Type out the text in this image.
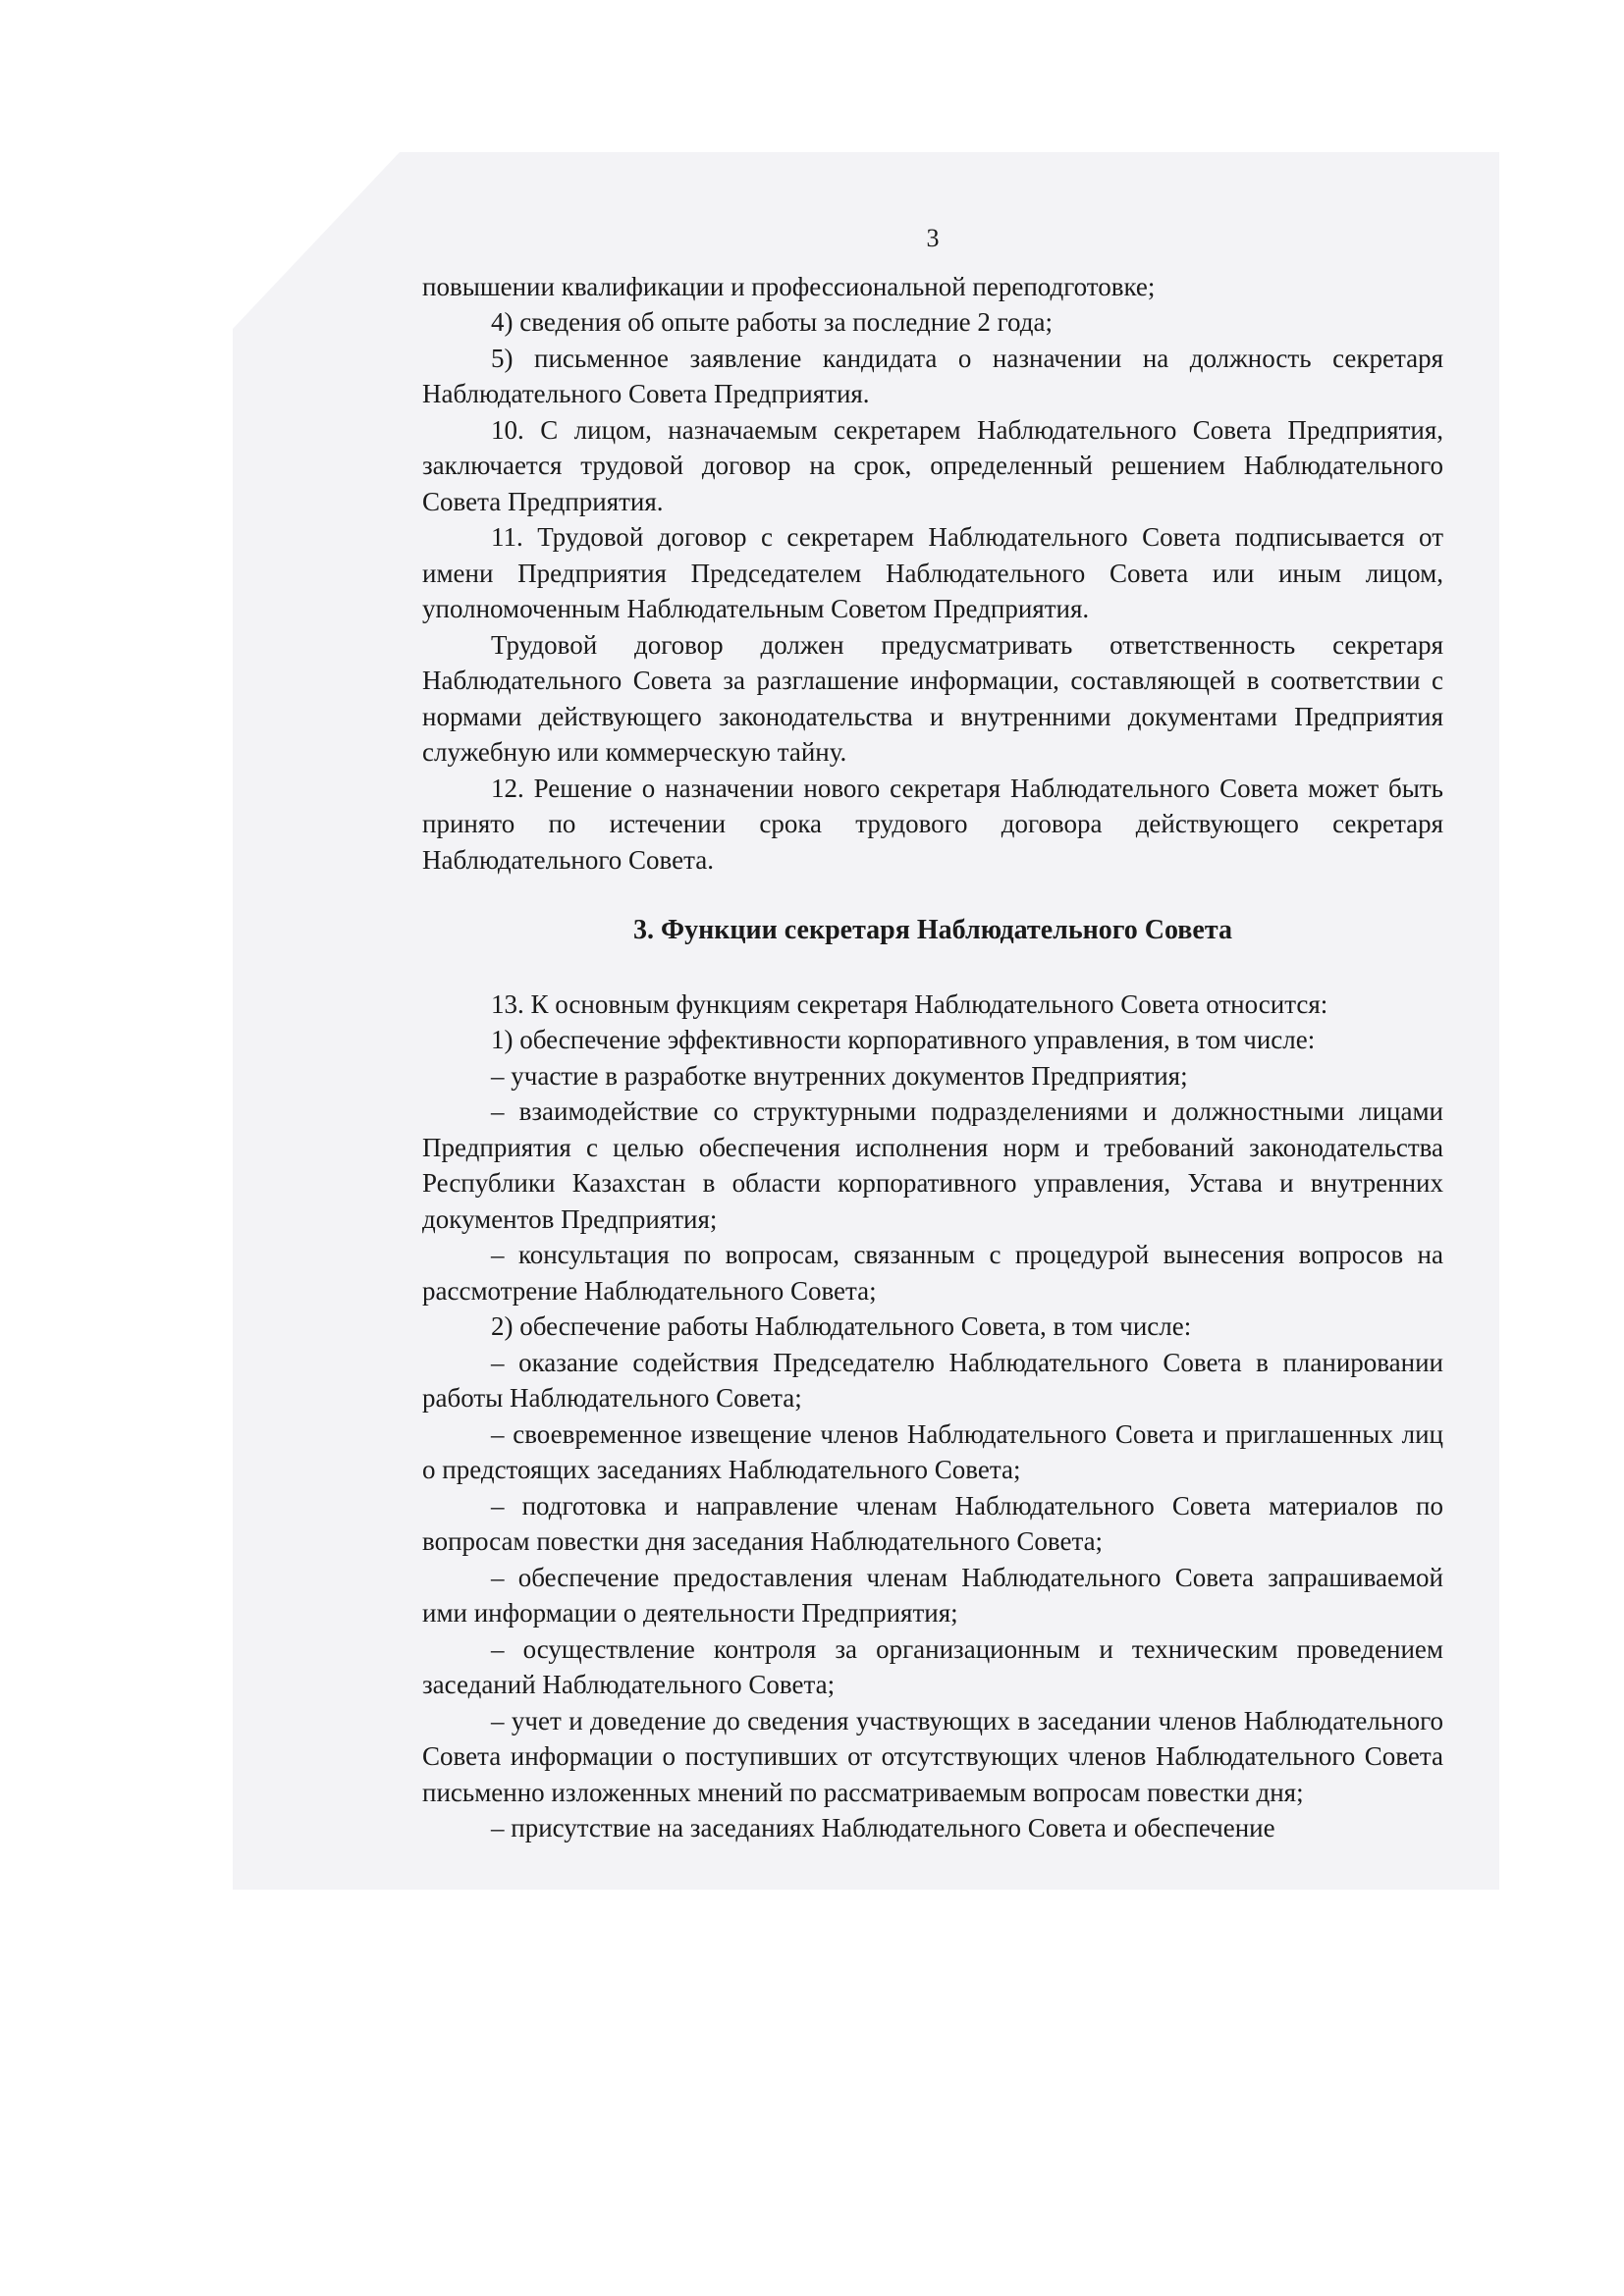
3

повышении квалификации и профессиональной переподготовке;

4) сведения об опыте работы за последние 2 года;

5) письменное заявление кандидата о назначении на должность секретаря Наблюдательного Совета Предприятия.

10. С лицом, назначаемым секретарем Наблюдательного Совета Предприятия, заключается трудовой договор на срок, определенный решением Наблюдательного Совета Предприятия.

11. Трудовой договор с секретарем Наблюдательного Совета подписывается от имени Предприятия Председателем Наблюдательного Совета или иным лицом, уполномоченным Наблюдательным Советом Предприятия.

Трудовой договор должен предусматривать ответственность секретаря Наблюдательного Совета за разглашение информации, составляющей в соответствии с нормами действующего законодательства и внутренними документами Предприятия служебную или коммерческую тайну.

12. Решение о назначении нового секретаря Наблюдательного Совета может быть принято по истечении срока трудового договора действующего секретаря Наблюдательного Совета.

3. Функции секретаря Наблюдательного Совета

13. К основным функциям секретаря Наблюдательного Совета относится:

1) обеспечение эффективности корпоративного управления, в том числе:

– участие в разработке внутренних документов Предприятия;

– взаимодействие со структурными подразделениями и должностными лицами Предприятия с целью обеспечения исполнения норм и требований законодательства Республики Казахстан в области корпоративного управления, Устава и внутренних документов Предприятия;

– консультация по вопросам, связанным с процедурой вынесения вопросов на рассмотрение Наблюдательного Совета;

2) обеспечение работы Наблюдательного Совета, в том числе:

– оказание содействия Председателю Наблюдательного Совета в планировании работы Наблюдательного Совета;

– своевременное извещение членов Наблюдательного Совета и приглашенных лиц о предстоящих заседаниях Наблюдательного Совета;

– подготовка и направление членам Наблюдательного Совета материалов по вопросам повестки дня заседания Наблюдательного Совета;

– обеспечение предоставления членам Наблюдательного Совета запрашиваемой ими информации о деятельности Предприятия;

– осуществление контроля за организационным и техническим проведением заседаний Наблюдательного Совета;

– учет и доведение до сведения участвующих в заседании членов Наблюдательного Совета информации о поступивших от отсутствующих членов Наблюдательного Совета письменно изложенных мнений по рассматриваемым вопросам повестки дня;

– присутствие на заседаниях Наблюдательного Совета и обеспечение
